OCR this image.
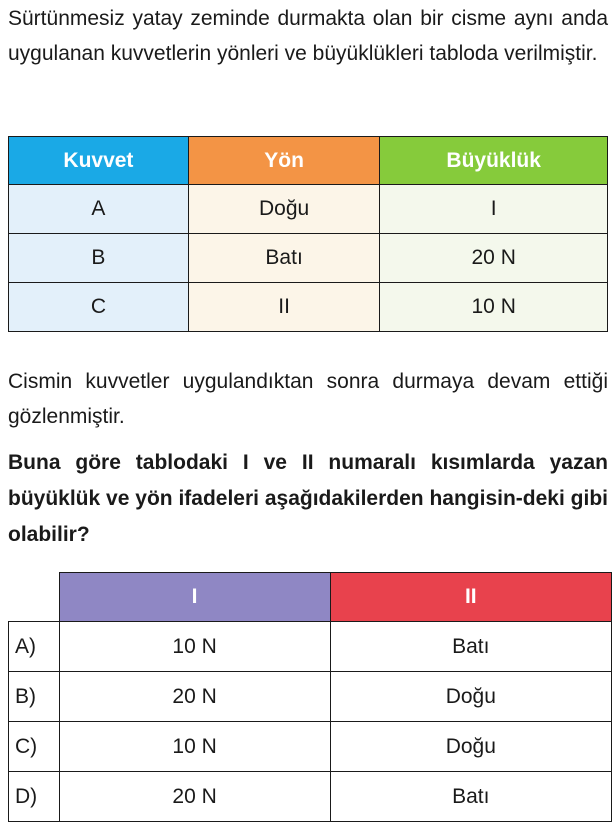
Sürtünmesiz yatay zeminde durmakta olan bir cisme aynı anda uygulanan kuvvetlerin yönleri ve büyüklükleri tabloda verilmiştir.

Kuvvet	Yön	Büyüklük
A	Doğu	I
B	Batı	20 N
C	II	10 N

Cismin kuvvetler uygulandıktan sonra durmaya devam ettiği gözlenmiştir.

Buna göre tablodaki I ve II numaralı kısımlarda yazan büyüklük ve yön ifadeleri aşağıdakilerden hangisin-deki gibi olabilir?

	I	II
A)	10 N	Batı
B)	20 N	Doğu
C)	10 N	Doğu
D)	20 N	Batı
